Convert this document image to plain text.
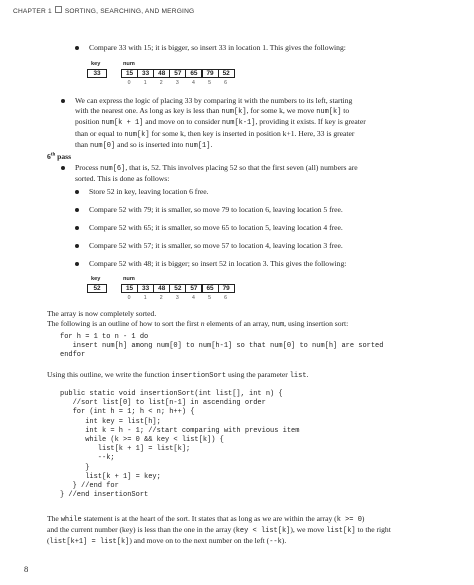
CHAPTER 1 SORTING, SEARCHING, AND MERGING
Compare 33 with 15; it is bigger, so insert 33 in location 1. This gives the following:
key	num
33	15	33	48	57	65	79	52
0	1	2	3	4	5	6
We can express the logic of placing 33 by comparing it with the numbers to its left, starting
with the nearest one. As long as key is less than num[k], for some k, we move num[k] to
position num[k + 1] and move on to consider num[k-1], providing it exists. If key is greater
than or equal to num[k] for some k, then key is inserted in position k+1. Here, 33 is greater
than num[0] and so is inserted into num[1].
6th pass
Process num[6], that is, 52. This involves placing 52 so that the first seven (all) numbers are
sorted. This is done as follows:
Store 52 in key, leaving location 6 free.
Compare 52 with 79; it is smaller, so move 79 to location 6, leaving location 5 free.
Compare 52 with 65; it is smaller, so move 65 to location 5, leaving location 4 free.
Compare 52 with 57; it is smaller, so move 57 to location 4, leaving location 3 free.
Compare 52 with 48; it is bigger; so insert 52 in location 3. This gives the following:
key	num
52	15	33	48	52	57	65	79
0	1	2	3	4	5	6
The array is now completely sorted.
The following is an outline of how to sort the first n elements of an array, num, using insertion sort:
for h = 1 to n - 1 do
insert num[h] among num[0] to num[h-1] so that num[0] to num[h] are sorted
endfor
Using this outline, we write the function insertionSort using the parameter list.
public static void insertionSort(int list[], int n) {
//sort list[0] to list[n-1] in ascending order
for (int h = 1; h < n; h++) {
int key = list[h];
int k = h - 1; //start comparing with previous item
while (k >= 0 && key < list[k]) {
list[k + 1] = list[k];
--k;
}
list[k + 1] = key;
} //end for
} //end insertionSort
The while statement is at the heart of the sort. It states that as long as we are within the array (k >= 0)
and the current number (key) is less than the one in the array (key < list[k]), we move list[k] to the right
(list[k+1] = list[k]) and move on to the next number on the left (--k).
8
